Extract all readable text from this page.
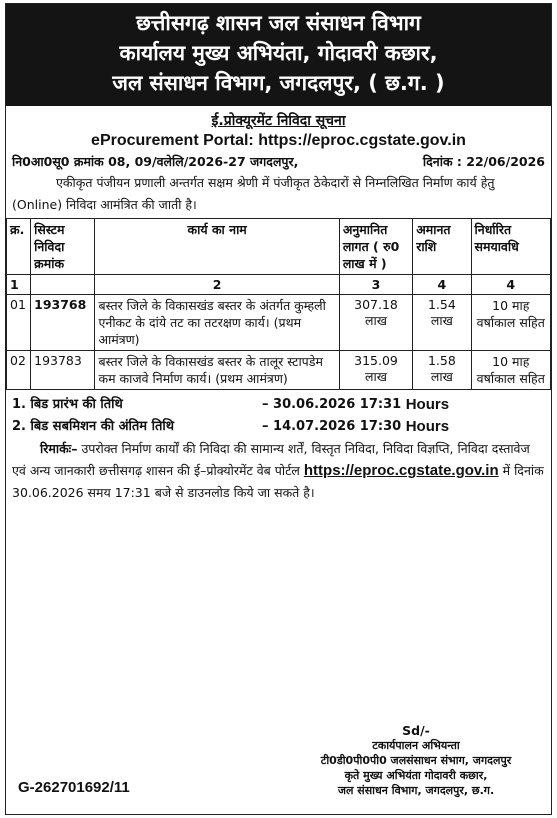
छत्तीसगढ़ शासन जल संसाधन विभाग
कार्यालय मुख्य अभियंता, गोदावरी कछार,
जल संसाधन विभाग, जगदलपुर, ( छ.ग. )
ई.प्रोक्यूरमेंट निविदा सूचना
eProcurement Portal: https://eproc.cgstate.gov.in
नि0आ0सू0 क्रमांक 08, 09/वलेलि/2026-27 जगदलपुर,	दिनांक : 22/06/2026
एकीकृत पंजीयन प्रणाली अन्तर्गत सक्षम श्रेणी में पंजीकृत ठेकेदारों से निम्नलिखित निर्माण कार्य हेतु (Online) निविदा आमंत्रित की जाती है।
क्र.	सिस्टम निविदा क्रमांक	कार्य का नाम	अनुमानित लागत ( रु0 लाख में )	अमानत राशि	निर्धारित समयावधि
1		2	3	4	4
01	193768	बस्तर जिले के विकासखंड बस्तर के अंतर्गत कुम्हली एनीकट के दांये तट का तटरक्षण कार्य। (प्रथम आमंत्रण)	307.18 लाख	1.54 लाख	10 माह वर्षाकाल सहित
02	193783	बस्तर जिले के विकासखंड बस्तर के तालूर स्टापडेम कम काजवे निर्माण कार्य। (प्रथम आमंत्रण)	315.09 लाख	1.58 लाख	10 माह वर्षाकाल सहित
1. बिड प्रारंभ की तिथि	– 30.06.2026 17:31
Hours
2. बिड सबमिशन की अंतिम तिथि	– 14.07.2026 17:30
Hours
रिमार्कः– उपरोक्त निर्माण कार्यों की निविदा की सामान्य शर्तें, विस्तृत निविदा, निविदा विज्ञप्ति, निविदा दस्तावेज एवं अन्य जानकारी छत्तीसगढ़ शासन की ई–प्रोक्योरमेंट वेब पोर्टल https://eproc.cgstate.gov.in में दिनांक 30.06.2026 समय 17:31 बजे से डाउनलोड किये जा सकते है।
Sd/-
टकार्यपालन अभियन्ता
टी0डी0पी0पी0 जलसंसाधन संभाग, जगदलपुर
कृते मुख्य अभियंता गोदावरी कछार,
जल संसाधन विभाग, जगदलपुर, छ.ग.
G-262701692/11
